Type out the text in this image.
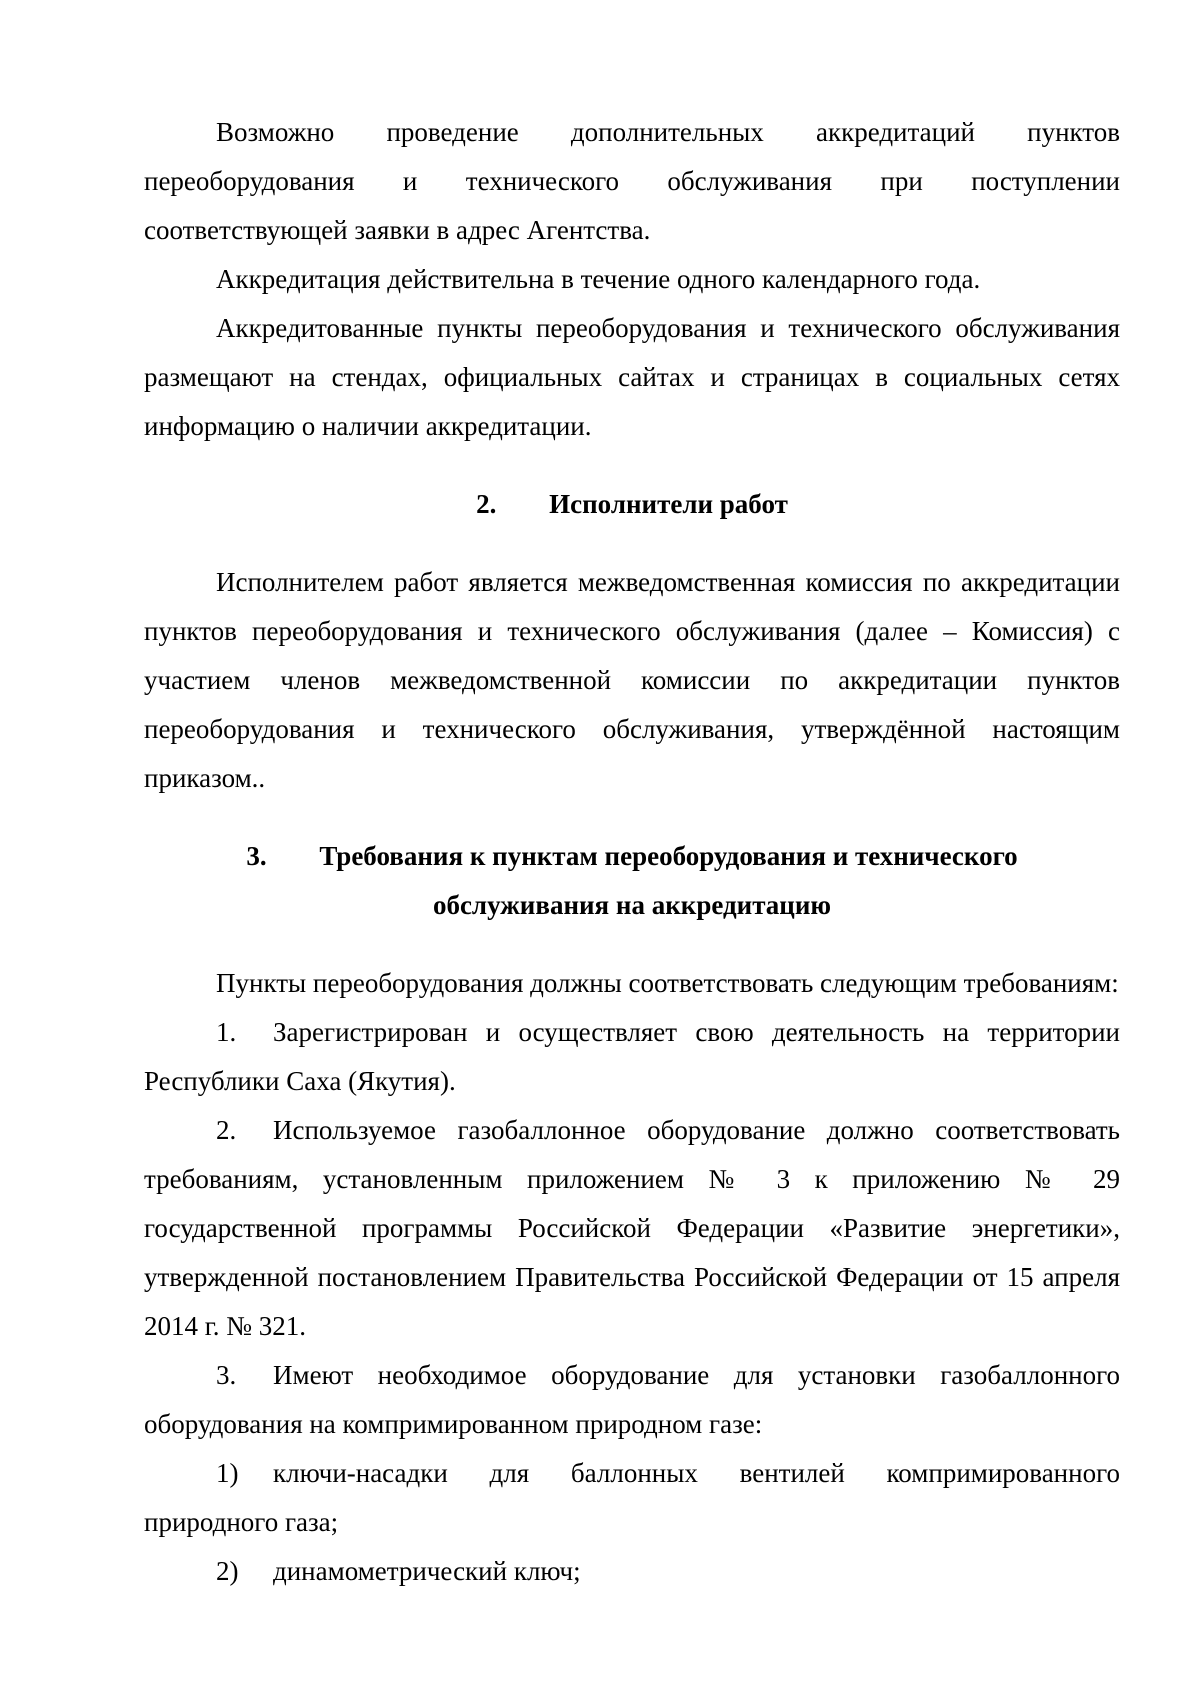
Возможно проведение дополнительных аккредитаций пунктов переоборудования и технического обслуживания при поступлении соответствующей заявки в адрес Агентства.

Аккредитация действительна в течение одного календарного года.

Аккредитованные пункты переоборудования и технического обслуживания размещают на стендах, официальных сайтах и страницах в социальных сетях информацию о наличии аккредитации.

2. Исполнители работ

Исполнителем работ является межведомственная комиссия по аккредитации пунктов переоборудования и технического обслуживания (далее – Комиссия) с участием членов межведомственной комиссии по аккредитации пунктов переоборудования и технического обслуживания, утверждённой настоящим приказом..

3. Требования к пунктам переоборудования и технического
обслуживания на аккредитацию

Пункты переоборудования должны соответствовать следующим требованиям:

1. Зарегистрирован и осуществляет свою деятельность на территории Республики Саха (Якутия).

2. Используемое газобаллонное оборудование должно соответствовать требованиям, установленным приложением № 3 к приложению № 29 государственной программы Российской Федерации «Развитие энергетики», утвержденной постановлением Правительства Российской Федерации от 15 апреля 2014 г. № 321.

3. Имеют необходимое оборудование для установки газобаллонного оборудования на компримированном природном газе:

1) ключи-насадки для баллонных вентилей компримированного природного газа;

2) динамометрический ключ;
